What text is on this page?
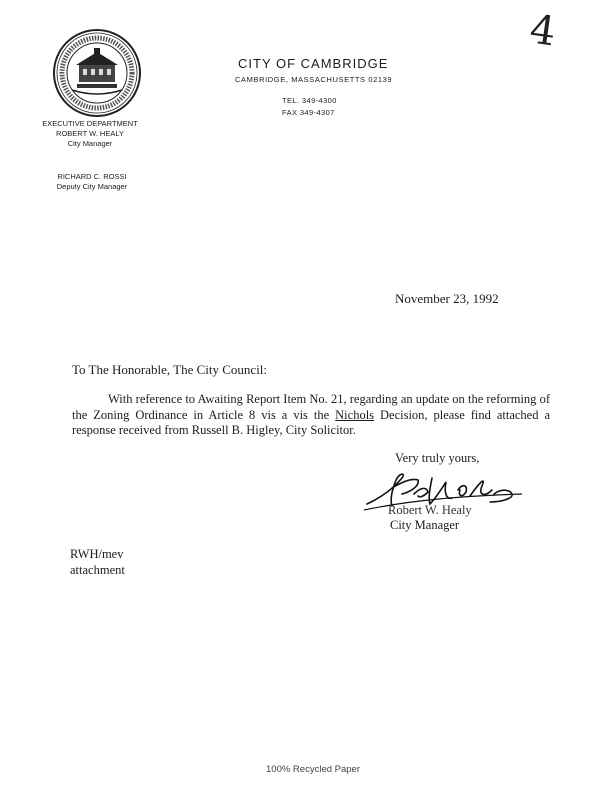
4
CITY OF CAMBRIDGE
CAMBRIDGE, MASSACHUSETTS 02139
TEL. 349-4300
FAX 349-4307
EXECUTIVE DEPARTMENT
ROBERT W. HEALY
City Manager
RICHARD C. ROSSI
Deputy City Manager
November 23, 1992
To The Honorable, The City Council:
With reference to Awaiting Report Item No. 21, regarding an update on the reforming of the Zoning Ordinance in Article 8 vis a vis the Nichols Decision, please find attached a response received from Russell B. Higley, City Solicitor.
Very truly yours,
Robert W. Healy
City Manager
RWH/mev
attachment
100% Recycled Paper
